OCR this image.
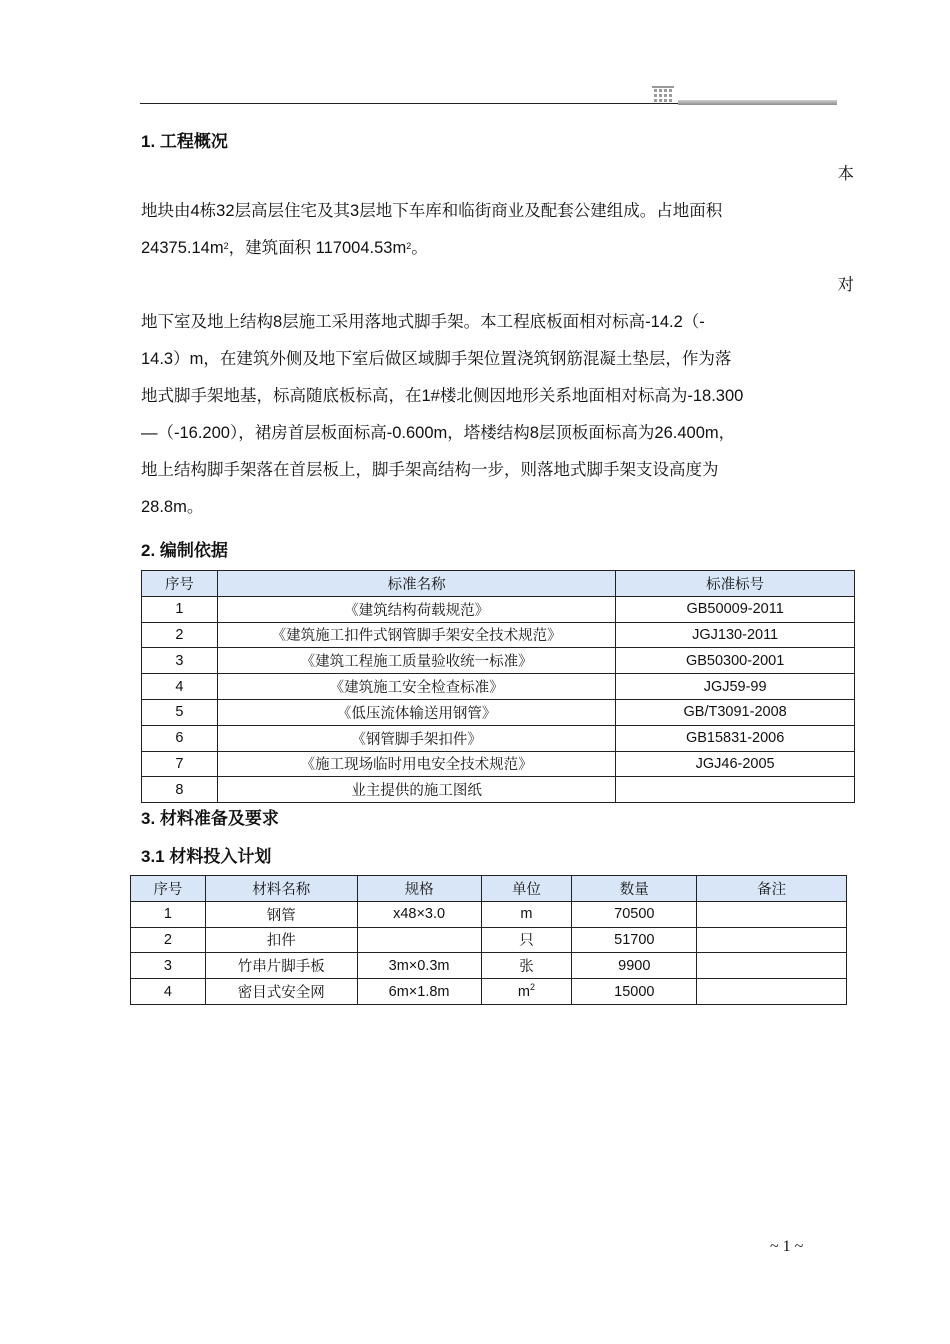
1. 工程概况
本
地块由4栋32层高层住宅及其3层地下车库和临街商业及配套公建组成。占地面积
$24375.14m^2$，建筑面积 $117004.53m^2$。
对
地下室及地上结构8层施工采用落地式脚手架。本工程底板面相对标高-14.2（-
14.3）m，在建筑外侧及地下室后做区域脚手架位置浇筑钢筋混凝土垫层，作为落
地式脚手架地基，标高随底板标高，在1#楼北侧因地形关系地面相对标高为-18.300
—（-16.200），裙房首层板面标高-0.600m，塔楼结构8层顶板面标高为26.400m，
地上结构脚手架落在首层板上，脚手架高结构一步，则落地式脚手架支设高度为
28.8m。
2. 编制依据
序号	标准名称	标准标号
1	《建筑结构荷载规范》	GB50009-2011
2	《建筑施工扣件式钢管脚手架安全技术规范》	JGJ130-2011
3	《建筑工程施工质量验收统一标准》	GB50300-2001
4	《建筑施工安全检查标准》	JGJ59-99
5	《低压流体输送用钢管》	GB/T3091-2008
6	《钢管脚手架扣件》	GB15831-2006
7	《施工现场临时用电安全技术规范》	JGJ46-2005
8	业主提供的施工图纸	
3. 材料准备及要求
3.1 材料投入计划
序号	材料名称	规格	单位	数量	备注
1	钢管	х48×3.0	m	70500	
2	扣件		只	51700	
3	竹串片脚手板	3m×0.3m	张	9900	
4	密目式安全网	6m×1.8m	$m^2$	15000	
~ 1 ~
